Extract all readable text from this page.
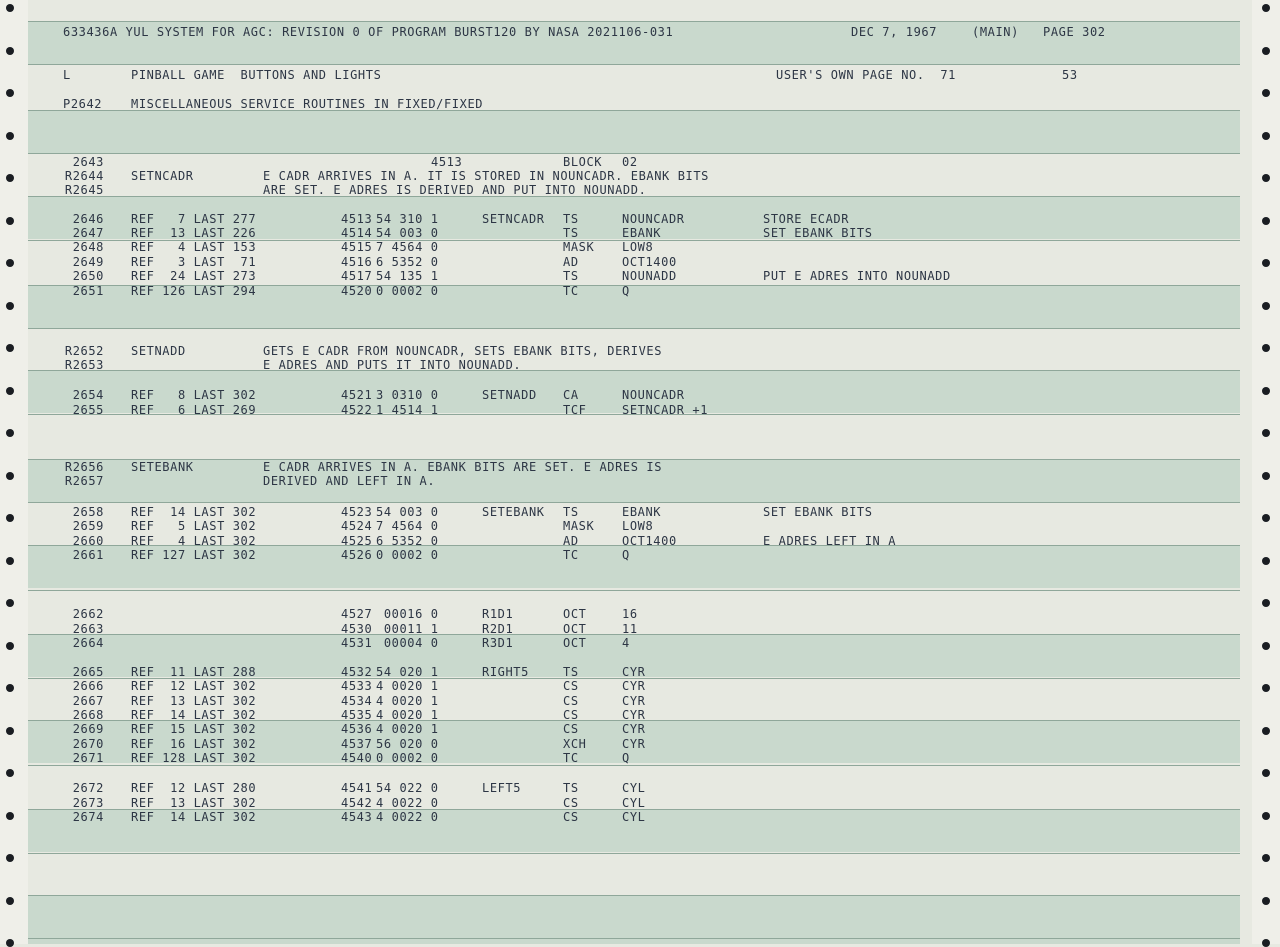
633436A YUL SYSTEM FOR AGC: REVISION 0 OF PROGRAM BURST120 BY NASA 2021106-031	DEC 7, 1967	(MAIN) PAGE 302
L	PINBALL GAME  BUTTONS AND LIGHTS	USER'S OWN PAGE NO.  71	53
P2642 MISCELLANEOUS SERVICE ROUTINES IN FIXED/FIXED
2643	4513	BLOCK 02
R2644 SETNCADR	E CADR ARRIVES IN A. IT IS STORED IN NOUNCADR. EBANK BITS
R2645	ARE SET. E ADRES IS DERIVED AND PUT INTO NOUNADD.
2646 REF   7 LAST 277	4513 54 310 1	SETNCADR TS	NOUNCADR	STORE ECADR
2647 REF  13 LAST 226	4514 54 003 0	TS	EBANK	SET EBANK BITS
2648 REF   4 LAST 153	4515 7 4564 0	MASK LOW8
2649 REF   3 LAST  71	4516 6 5352 0	AD	OCT1400
2650 REF  24 LAST 273	4517 54 135 1	TS	NOUNADD	PUT E ADRES INTO NOUNADD
2651 REF 126 LAST 294	4520 0 0002 0	TC	Q
R2652 SETNADD	GETS E CADR FROM NOUNCADR, SETS EBANK BITS, DERIVES
R2653	E ADRES AND PUTS IT INTO NOUNADD.
2654 REF   8 LAST 302	4521 3 0310 0	SETNADD CA	NOUNCADR
2655 REF   6 LAST 269	4522 1 4514 1	TCF	SETNCADR +1
R2656 SETEBANK	E CADR ARRIVES IN A. EBANK BITS ARE SET. E ADRES IS
R2657	DERIVED AND LEFT IN A.
2658 REF  14 LAST 302	4523 54 003 0	SETEBANK TS	EBANK	SET EBANK BITS
2659 REF   5 LAST 302	4524 7 4564 0	MASK LOW8
2660 REF   4 LAST 302	4525 6 5352 0	AD	OCT1400	E ADRES LEFT IN A
2661 REF 127 LAST 302	4526 0 0002 0	TC	Q
2662	4527 00016 0	R1D1	OCT	16
2663	4530 00011 1	R2D1	OCT	11
2664	4531 00004 0	R3D1	OCT	4
2665 REF  11 LAST 288	4532 54 020 1	RIGHT5	TS	CYR
2666 REF  12 LAST 302	4533 4 0020 1	CS	CYR
2667 REF  13 LAST 302	4534 4 0020 1	CS	CYR
2668 REF  14 LAST 302	4535 4 0020 1	CS	CYR
2669 REF  15 LAST 302	4536 4 0020 1	CS	CYR
2670 REF  16 LAST 302	4537 56 020 0	XCH	CYR
2671 REF 128 LAST 302	4540 0 0002 0	TC	Q
2672 REF  12 LAST 280	4541 54 022 0	LEFT5	TS	CYL
2673 REF  13 LAST 302	4542 4 0022 0	CS	CYL
2674 REF  14 LAST 302	4543 4 0022 0	CS	CYL
